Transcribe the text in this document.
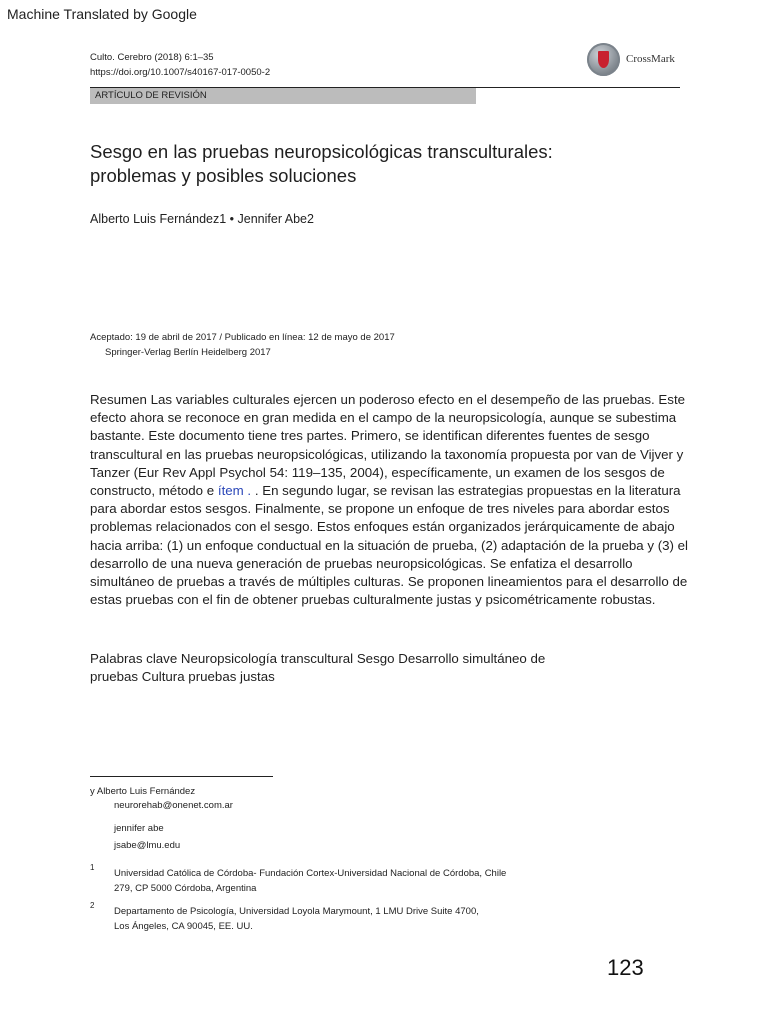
Machine Translated by Google
Culto. Cerebro (2018) 6:1–35
https://doi.org/10.1007/s40167-017-0050-2
CrossMark
ARTÍCULO DE REVISIÓN
Sesgo en las pruebas neuropsicológicas transculturales:
problemas y posibles soluciones
Alberto Luis Fernández1 • Jennifer Abe2
Aceptado: 19 de abril de 2017 / Publicado en línea: 12 de mayo de 2017
Springer-Verlag Berlín Heidelberg 2017
Resumen Las variables culturales ejercen un poderoso efecto en el desempeño de las pruebas. Este efecto ahora se reconoce en gran medida en el campo de la neuropsicología, aunque se subestima bastante. Este documento tiene tres partes. Primero, se identifican diferentes fuentes de sesgo transcultural en las pruebas neuropsicológicas, utilizando la taxonomía propuesta por van de Vijver y Tanzer (Eur Rev Appl Psychol 54: 119–135, 2004), específicamente, un examen de los sesgos de constructo, método e ítem . . En segundo lugar, se revisan las estrategias propuestas en la literatura para abordar estos sesgos. Finalmente, se propone un enfoque de tres niveles para abordar estos problemas relacionados con el sesgo. Estos enfoques están organizados jerárquicamente de abajo hacia arriba: (1) un enfoque conductual en la situación de prueba, (2) adaptación de la prueba y (3) el desarrollo de una nueva generación de pruebas neuropsicológicas. Se enfatiza el desarrollo simultáneo de pruebas a través de múltiples culturas. Se proponen lineamientos para el desarrollo de estas pruebas con el fin de obtener pruebas culturalmente justas y psicométricamente robustas.
Palabras clave Neuropsicología transcultural Sesgo Desarrollo simultáneo de
pruebas Cultura pruebas justas
y Alberto Luis Fernández
neurorehab@onenet.com.ar
jennifer abe
jsabe@lmu.edu
1
Universidad Católica de Córdoba- Fundación Cortex-Universidad Nacional de Córdoba, Chile
279, CP 5000 Córdoba, Argentina
2
Departamento de Psicología, Universidad Loyola Marymount, 1 LMU Drive Suite 4700,
Los Ángeles, CA 90045, EE. UU.
123
